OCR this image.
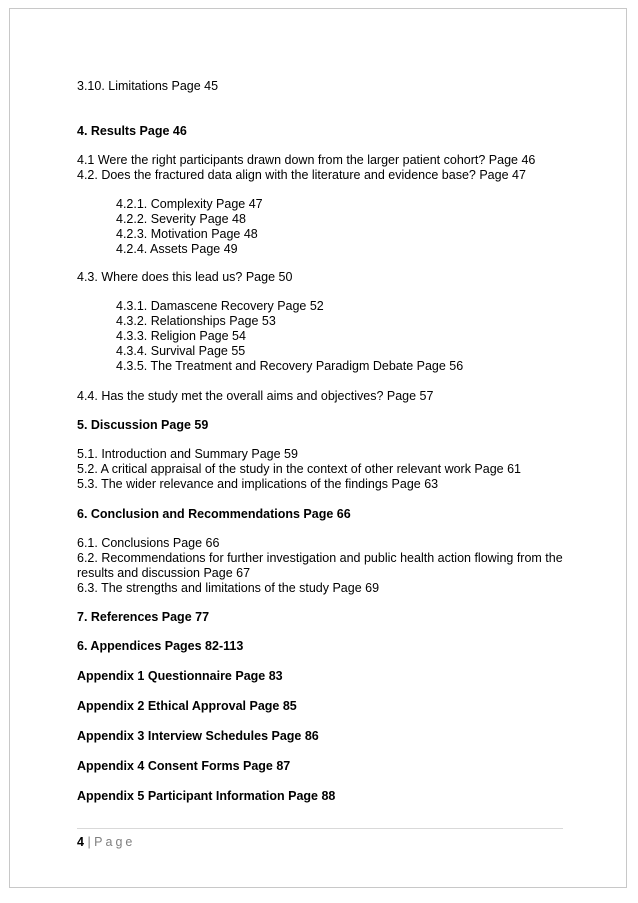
3.10. Limitations Page 45
4. Results Page 46
4.1 Were the right participants drawn down from the larger patient cohort? Page 46
4.2. Does the fractured data align with the literature and evidence base? Page 47
4.2.1. Complexity Page 47
4.2.2. Severity Page 48
4.2.3. Motivation Page 48
4.2.4. Assets Page 49
4.3. Where does this lead us? Page 50
4.3.1. Damascene Recovery Page 52
4.3.2. Relationships Page 53
4.3.3. Religion Page 54
4.3.4. Survival Page 55
4.3.5. The Treatment and Recovery Paradigm Debate Page 56
4.4. Has the study met the overall aims and objectives? Page 57
5. Discussion Page 59
5.1. Introduction and Summary Page 59
5.2. A critical appraisal of the study in the context of other relevant work Page 61
5.3. The wider relevance and implications of the findings Page 63
6. Conclusion and Recommendations Page 66
6.1. Conclusions Page 66
6.2. Recommendations for further investigation and public health action flowing from the results and discussion Page 67
6.3. The strengths and limitations of the study Page 69
7. References Page 77
6. Appendices Pages 82-113
Appendix 1 Questionnaire Page 83
Appendix 2 Ethical Approval Page 85
Appendix 3 Interview Schedules Page 86
Appendix 4 Consent Forms Page 87
Appendix 5 Participant Information Page 88
4 | Page
